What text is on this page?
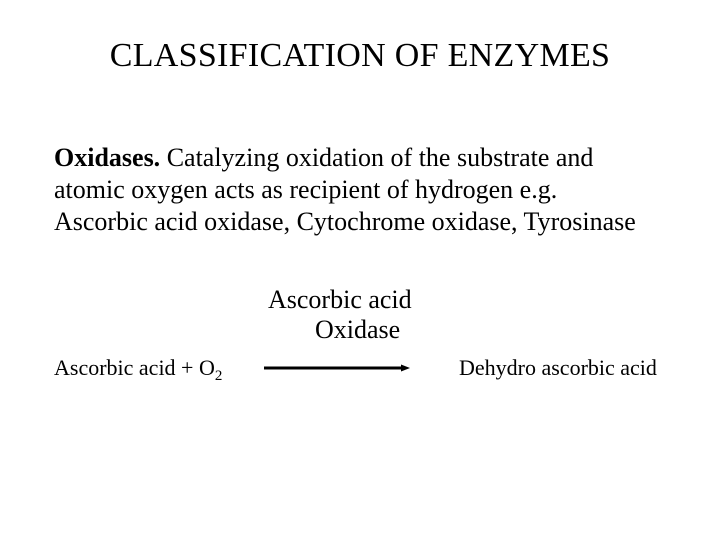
CLASSIFICATION OF ENZYMES
Oxidases. Catalyzing oxidation of the substrate and
atomic oxygen acts as recipient of hydrogen e.g.
Ascorbic acid oxidase, Cytochrome oxidase, Tyrosinase
Ascorbic acid
Oxidase
Ascorbic acid + $O_2$	Dehydro ascorbic acid
